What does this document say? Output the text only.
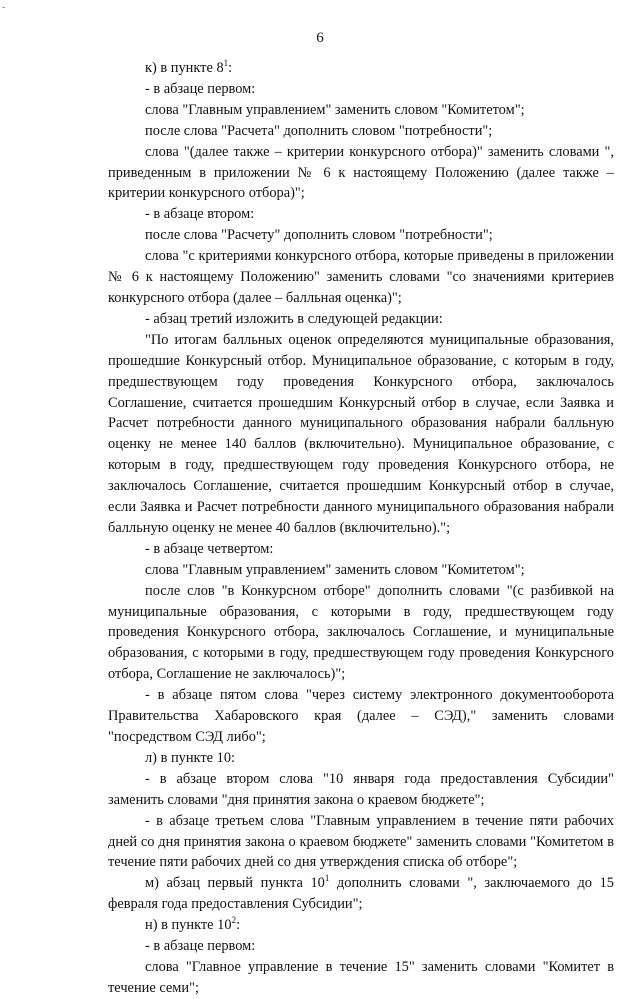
-
6

к) в пункте $8^1$:

- в абзаце первом:

слова "Главным управлением" заменить словом "Комитетом";

после слова "Расчета" дополнить словом "потребности";

слова "(далее также – критерии конкурсного отбора)" заменить словами ", приведенным в приложении № 6 к настоящему Положению (далее также – критерии конкурсного отбора)";

- в абзаце втором:

после слова "Расчету" дополнить словом "потребности";

слова "с критериями конкурсного отбора, которые приведены в приложении № 6 к настоящему Положению" заменить словами "со значениями критериев конкурсного отбора (далее – балльная оценка)";

- абзац третий изложить в следующей редакции:

"По итогам балльных оценок определяются муниципальные образования, прошедшие Конкурсный отбор. Муниципальное образование, с которым в году, предшествующем году проведения Конкурсного отбора, заключалось Соглашение, считается прошедшим Конкурсный отбор в случае, если Заявка и Расчет потребности данного муниципального образования набрали балльную оценку не менее 140 баллов (включительно). Муниципальное образование, с которым в году, предшествующем году проведения Конкурсного отбора, не заключалось Соглашение, считается прошедшим Конкурсный отбор в случае, если Заявка и Расчет потребности данного муниципального образования набрали балльную оценку не менее 40 баллов (включительно).";

- в абзаце четвертом:

слова "Главным управлением" заменить словом "Комитетом";

после слов "в Конкурсном отборе" дополнить словами "(с разбивкой на муниципальные образования, с которыми в году, предшествующем году проведения Конкурсного отбора, заключалось Соглашение, и муниципальные образования, с которыми в году, предшествующем году проведения Конкурсного отбора, Соглашение не заключалось)";

- в абзаце пятом слова "через систему электронного документооборота Правительства Хабаровского края (далее – СЭД)," заменить словами "посредством СЭД либо";

л) в пункте 10:

- в абзаце втором слова "10 января года предоставления Субсидии" заменить словами "дня принятия закона о краевом бюджете";

- в абзаце третьем слова "Главным управлением в течение пяти рабочих дней со дня принятия закона о краевом бюджете" заменить словами "Комитетом в течение пяти рабочих дней со дня утверждения списка об отборе";

м) абзац первый пункта $10^1$ дополнить словами ", заключаемого до 15 февраля года предоставления Субсидии";

н) в пункте $10^2$:

- в абзаце первом:

слова "Главное управление в течение 15" заменить словами "Комитет в течение семи";
